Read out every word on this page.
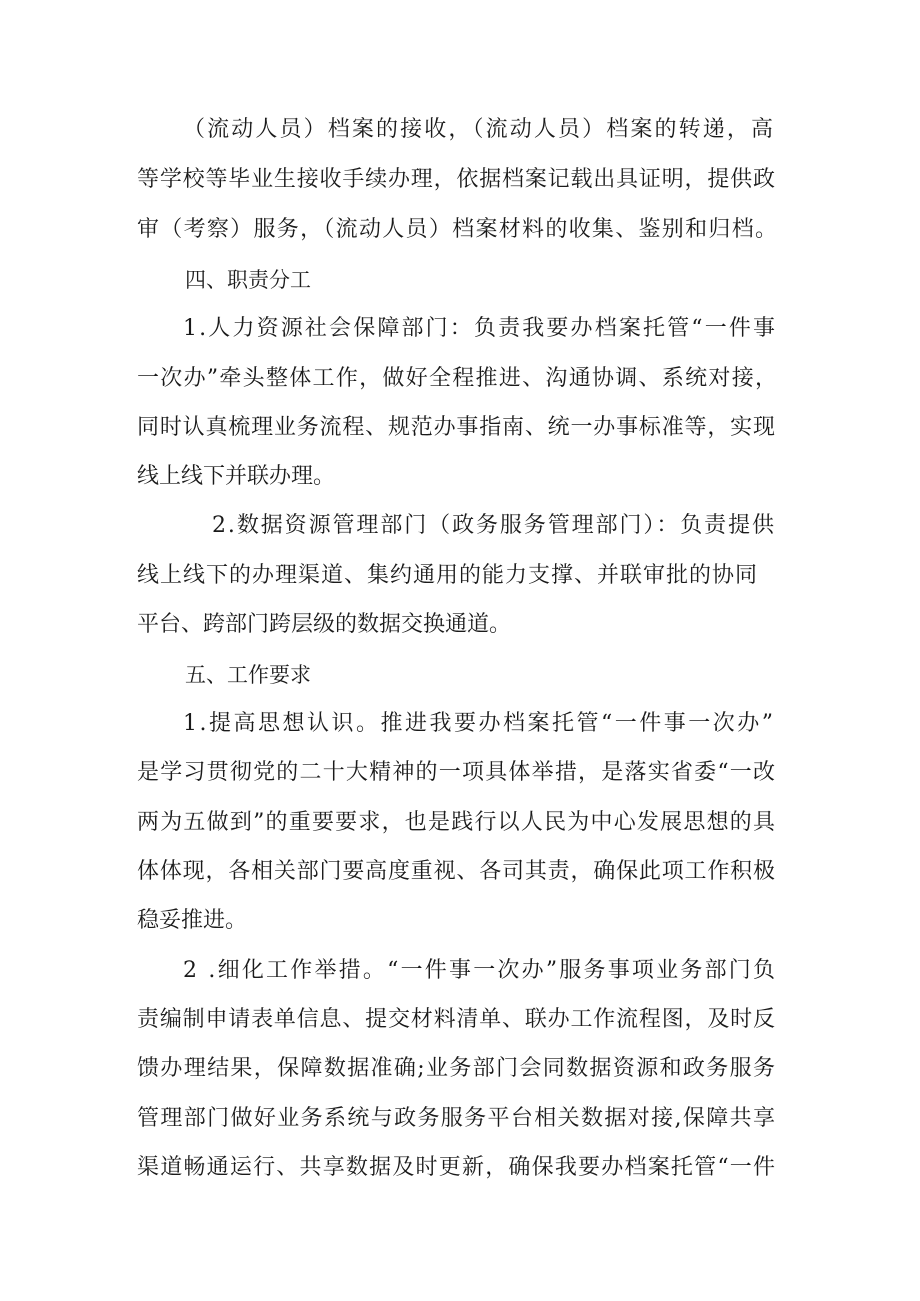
（流动人员）档案的接收，（流动人员）档案的转递，高
等学校等毕业生接收手续办理，依据档案记载出具证明，提供政
审（考察）服务，（流动人员）档案材料的收集、鉴别和归档。
四、职责分工
1.人力资源社会保障部门：负责我要办档案托管“一件事
一次办”牵头整体工作，做好全程推进、沟通协调、系统对接，
同时认真梳理业务流程、规范办事指南、统一办事标准等，实现
线上线下并联办理。
2.数据资源管理部门（政务服务管理部门）：负责提供
线上线下的办理渠道、集约通用的能力支撑、并联审批的协同
平台、跨部门跨层级的数据交换通道。
五、工作要求
1.提高思想认识。推进我要办档案托管“一件事一次办”
是学习贯彻党的二十大精神的一项具体举措，是落实省委“一改
两为五做到”的重要要求，也是践行以人民为中心发展思想的具
体体现，各相关部门要高度重视、各司其责，确保此项工作积极
稳妥推进。
2 .细化工作举措。“一件事一次办”服务事项业务部门负
责编制申请表单信息、提交材料清单、联办工作流程图，及时反
馈办理结果，保障数据准确;业务部门会同数据资源和政务服务
管理部门做好业务系统与政务服务平台相关数据对接,保障共享
渠道畅通运行、共享数据及时更新，确保我要办档案托管“一件
